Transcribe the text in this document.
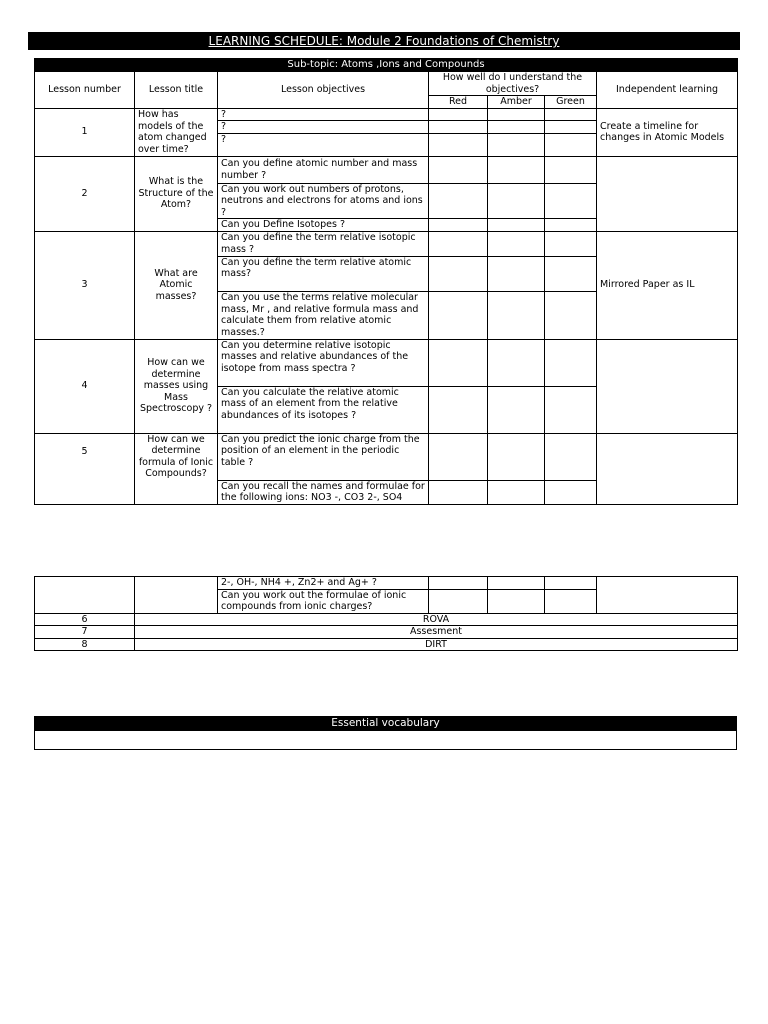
LEARNING SCHEDULE: Module 2 Foundations of Chemistry
Sub-topic: Atoms ,Ions and Compounds						
Lesson number	Lesson title	Lesson objectives	How well do I understand the objectives?			Independent learning
			Red	Amber	Green	
1	How has models of the atom changed over time?	?				Create a timeline for changes in Atomic Models
		?				
		?				
2	What is the Structure of the Atom?	Can you define atomic number and mass number ?				
		Can you work out numbers of protons, neutrons and electrons for atoms and ions ?				
		Can you Define Isotopes ?				
3	What are Atomic masses?	Can you define the term relative isotopic mass ?				Mirrored Paper as IL
		Can you define the term relative atomic mass?				
		Can you use the terms relative molecular mass, Mr , and relative formula mass and calculate them from relative atomic masses.?				
4	How can we determine masses using Mass Spectroscopy ?	Can you determine relative isotopic masses and relative abundances of the isotope from mass spectra ?				
		Can you calculate the relative atomic mass of an element from the relative abundances of its isotopes ?				
5	How can we determine formula of Ionic Compounds?	Can you predict the ionic charge from the position of an element in the periodic table ?				
		Can you recall the names and formulae for the following ions: NO3 -, CO3 2-, SO4				
		2-, OH-, NH4 +, Zn2+ and Ag+ ?				
		Can you work out the formulae of ionic compounds from ionic charges?				
6	ROVA					
7	Assesment					
8	DIRT					
Essential vocabulary
